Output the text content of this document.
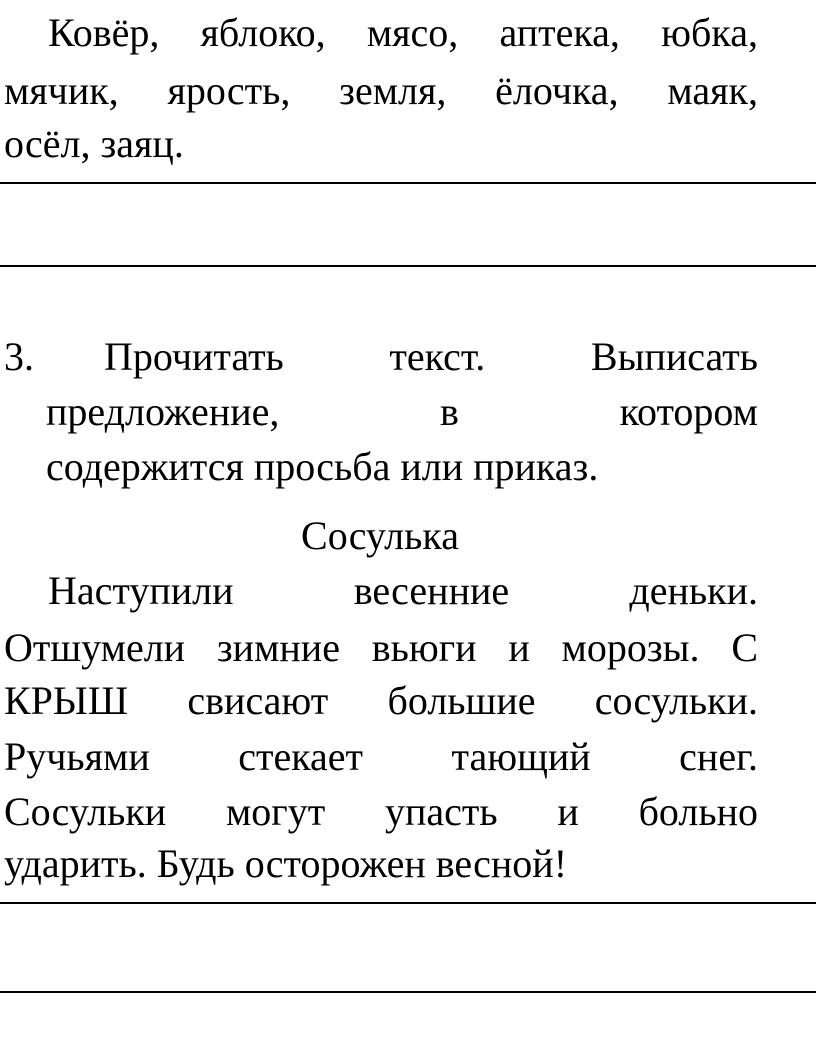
Ковёр, яблоко, мясо, аптека, юбка,
мячик, ярость, земля, ёлочка, маяк,
осёл, заяц.
3. Прочитать	текст.	Выписать
предложение,	в	котором
содержится просьба или приказ.
Сосулька
Наступили	весенние	деньки.
Отшумели зимние вьюги и морозы. С
КРЫШ свисают большие сосульки.
Ручьями стекает тающий снег.
Сосульки могут упасть и больно
ударить. Будь осторожен весной!
